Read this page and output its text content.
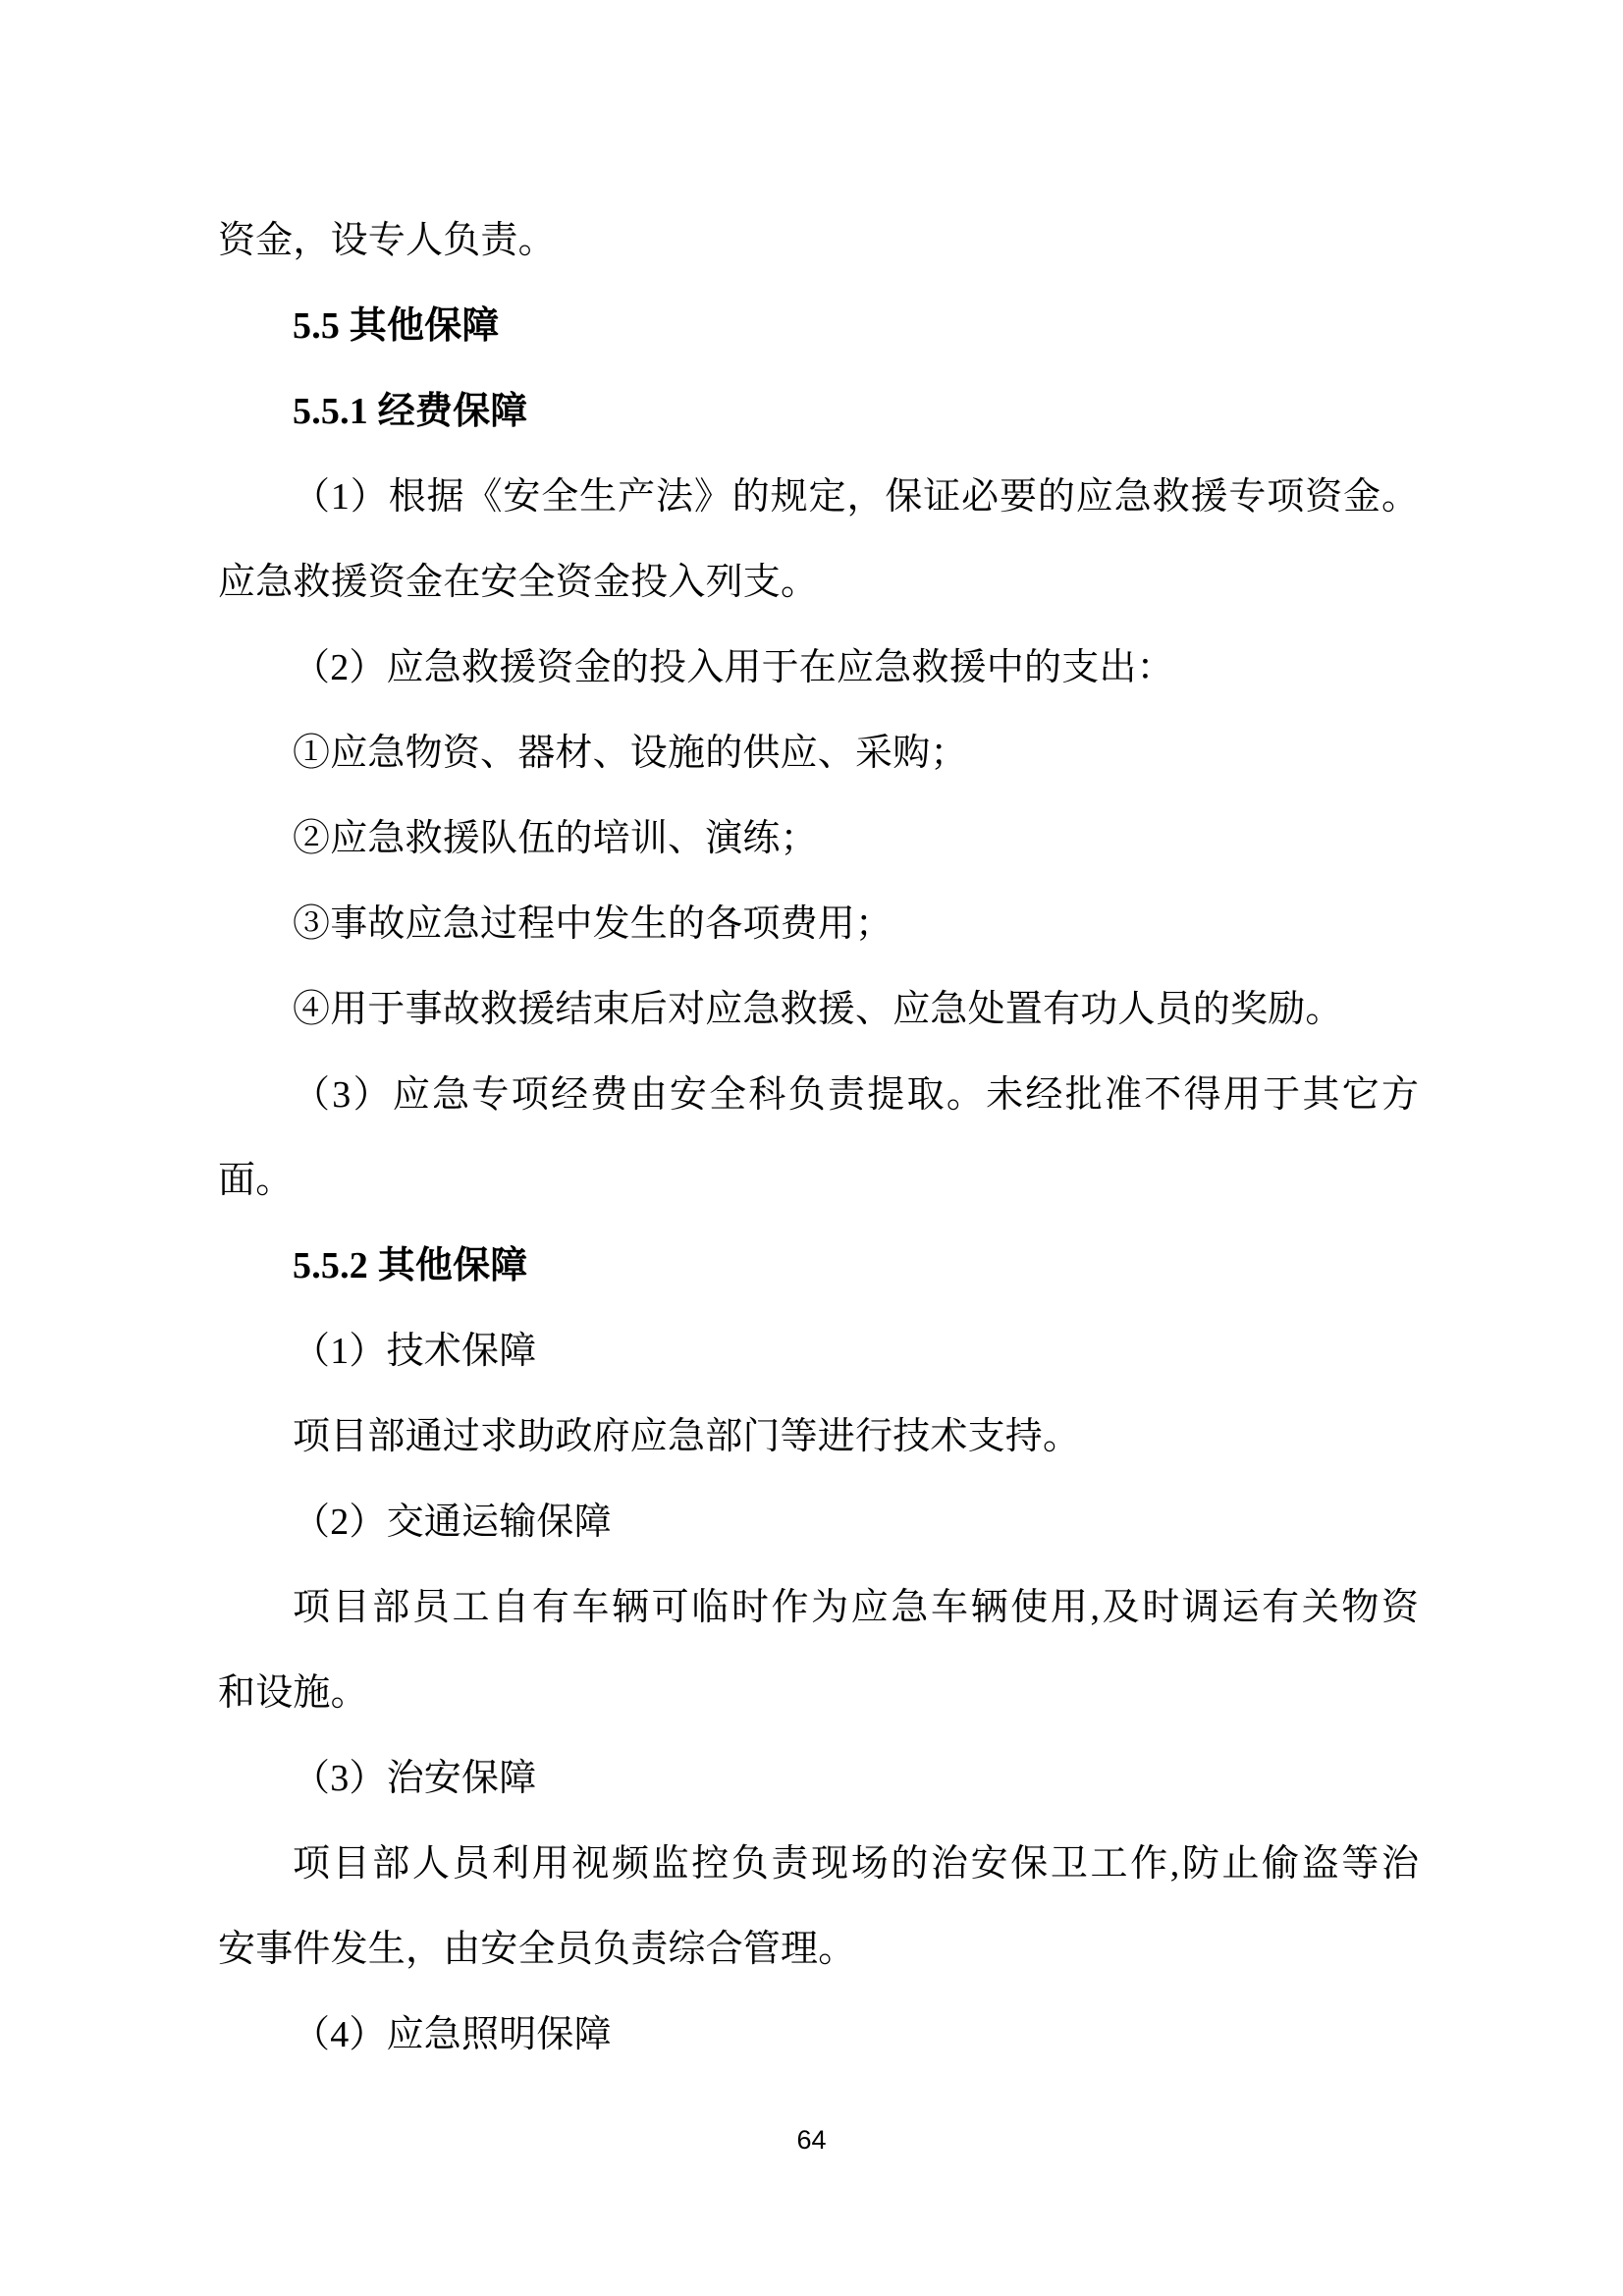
资金，设专人负责。
5.5 其他保障
5.5.1 经费保障
（1）根据《安全生产法》的规定，保证必要的应急救援专项资金。
应急救援资金在安全资金投入列支。
（2）应急救援资金的投入用于在应急救援中的支出：
①应急物资、器材、设施的供应、采购；
②应急救援队伍的培训、演练；
③事故应急过程中发生的各项费用；
④用于事故救援结束后对应急救援、应急处置有功人员的奖励。
（3）应急专项经费由安全科负责提取。未经批准不得用于其它方
面。
5.5.2 其他保障
（1）技术保障
项目部通过求助政府应急部门等进行技术支持。
（2）交通运输保障
项目部员工自有车辆可临时作为应急车辆使用,及时调运有关物资
和设施。
（3）治安保障
项目部人员利用视频监控负责现场的治安保卫工作,防止偷盗等治
安事件发生，由安全员负责综合管理。
（4）应急照明保障
64
